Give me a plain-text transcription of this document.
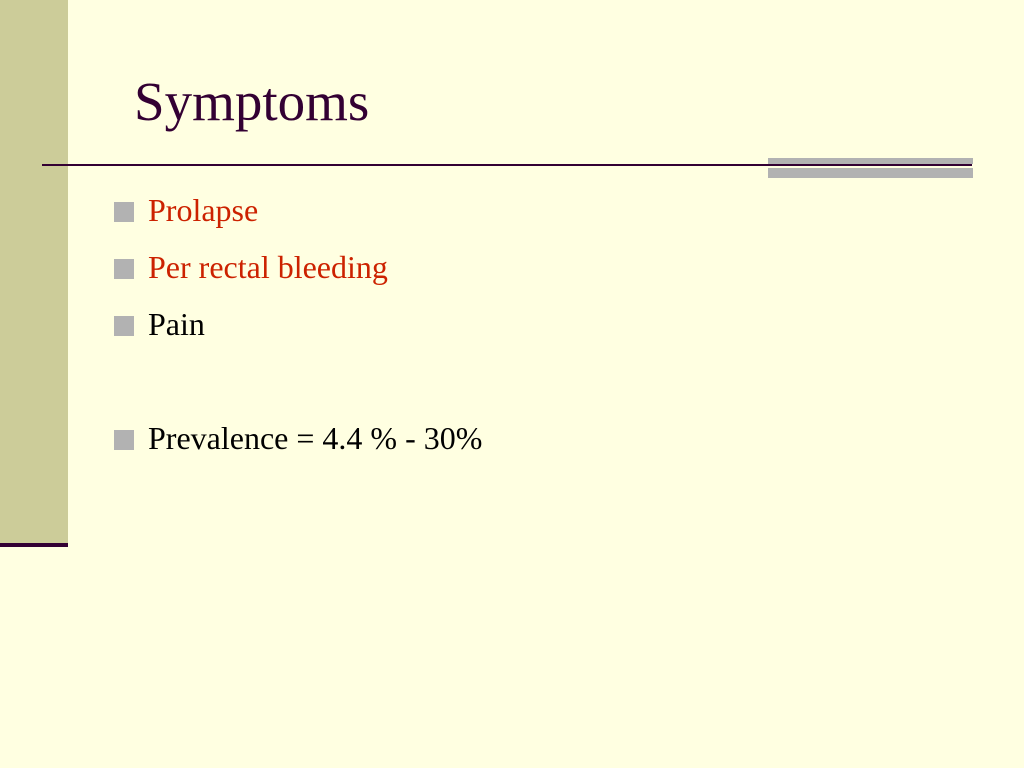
Symptoms
Prolapse
Per rectal bleeding
Pain
Prevalence = 4.4 % - 30%
